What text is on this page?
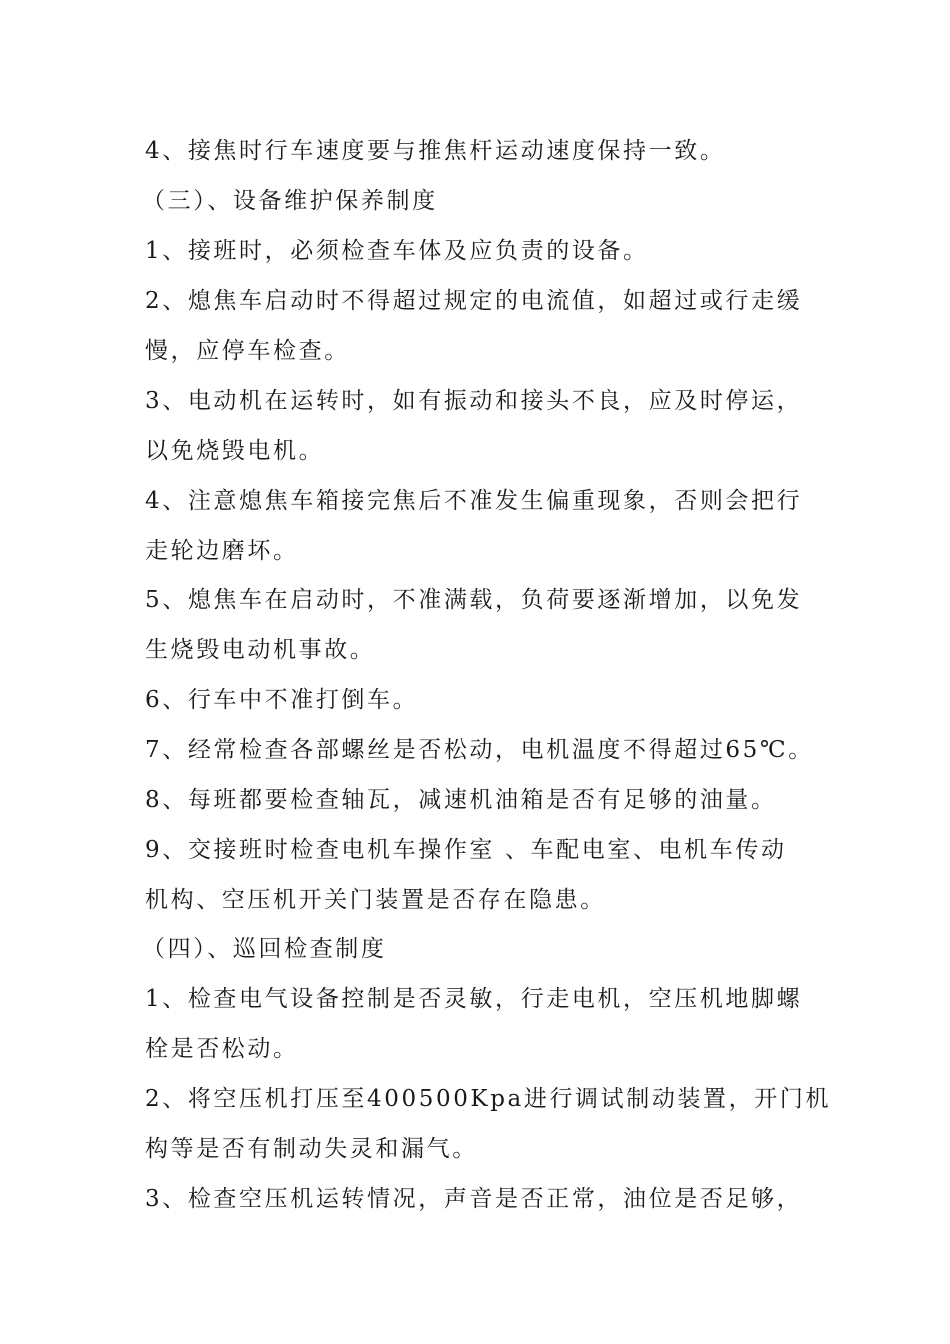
4、接焦时行车速度要与推焦杆运动速度保持一致。
（三）、设备维护保养制度
1、接班时，必须检查车体及应负责的设备。
2、熄焦车启动时不得超过规定的电流值，如超过或行走缓
慢，应停车检查。
3、电动机在运转时，如有振动和接头不良，应及时停运，
以免烧毁电机。
4、注意熄焦车箱接完焦后不准发生偏重现象，否则会把行
走轮边磨坏。
5、熄焦车在启动时，不准满载，负荷要逐渐增加，以免发
生烧毁电动机事故。
6、行车中不准打倒车。
7、经常检查各部螺丝是否松动，电机温度不得超过65℃。
8、每班都要检查轴瓦，减速机油箱是否有足够的油量。
9、交接班时检查电机车操作室 、车配电室、电机车传动
机构、空压机开关门装置是否存在隐患。
（四）、巡回检查制度
1、检查电气设备控制是否灵敏，行走电机，空压机地脚螺
栓是否松动。
2、将空压机打压至400500Kpa进行调试制动装置，开门机
构等是否有制动失灵和漏气。
3、检查空压机运转情况，声音是否正常，油位是否足够，
